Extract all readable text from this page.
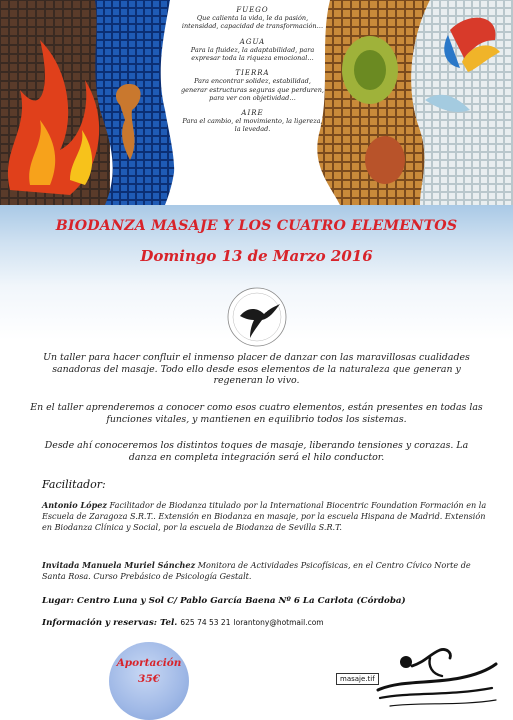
FUEGO
Que calienta la vida, le da pasión, intensidad, capacidad de transformación…
AGUA
Para la fluidez, la adaptabilidad, para expresar toda la riqueza emocional…
TIERRA
Para encontrar solidez, estabilidad, generar estructuras seguras que perduren, para ver con objetividad…
AIRE
Para el cambio, el movimiento, la ligereza, la levedad.
BIODANZA MASAJE Y LOS CUATRO ELEMENTOS
Domingo 13 de Marzo 2016
Un taller para hacer confluir el inmenso placer de danzar con las maravillosas cualidades sanadoras del masaje. Todo ello desde esos elementos de la naturaleza que generan y regeneran lo vivo.
En el taller aprenderemos a conocer como esos cuatro elementos, están presentes en todas las funciones vitales, y mantienen en equilibrio todos los sistemas.
Desde ahí conoceremos los distintos toques de masaje, liberando tensiones y corazas. La danza en completa integración será el hilo conductor.
Facilitador:
Antonio López Facilitador de Biodanza titulado por la International Biocentric Foundation Formación en la Escuela de Zaragoza S.R.T.. Extensión en Biodanza en masaje, por la escuela Hispana de Madrid. Extensión en Biodanza Clínica y Social, por la escuela de Biodanza de Sevilla S.R.T.
Invitada Manuela Muriel Sánchez Monitora de Actividades Psicofísicas, en el Centro Cívico Norte de Santa Rosa. Curso Prebásico de Psicología Gestalt.
Lugar: Centro Luna y Sol C/ Pablo García Baena Nº 6 La Carlota (Córdoba)
Información y reservas: Tel. 625 74 53 21 lorantony@hotmail.com
Aportación
35€	masaje.tif
